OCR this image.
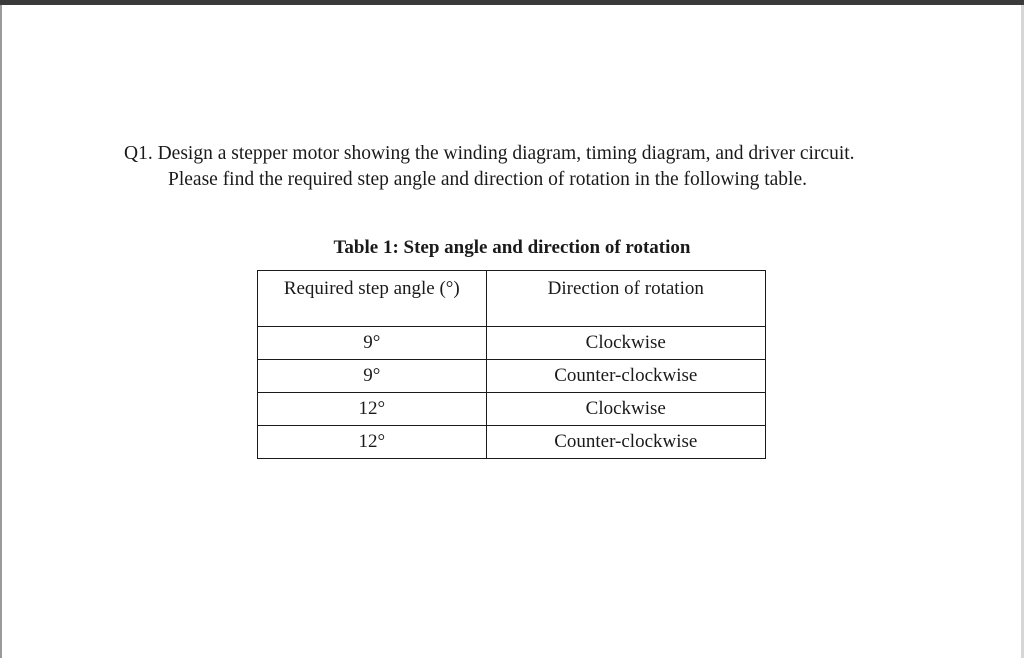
Q1. Design a stepper motor showing the winding diagram, timing diagram, and driver circuit.
Please find the required step angle and direction of rotation in the following table.
Table 1: Step angle and direction of rotation
Required step angle (°)	Direction of rotation
9°	Clockwise
9°	Counter-clockwise
12°	Clockwise
12°	Counter-clockwise
